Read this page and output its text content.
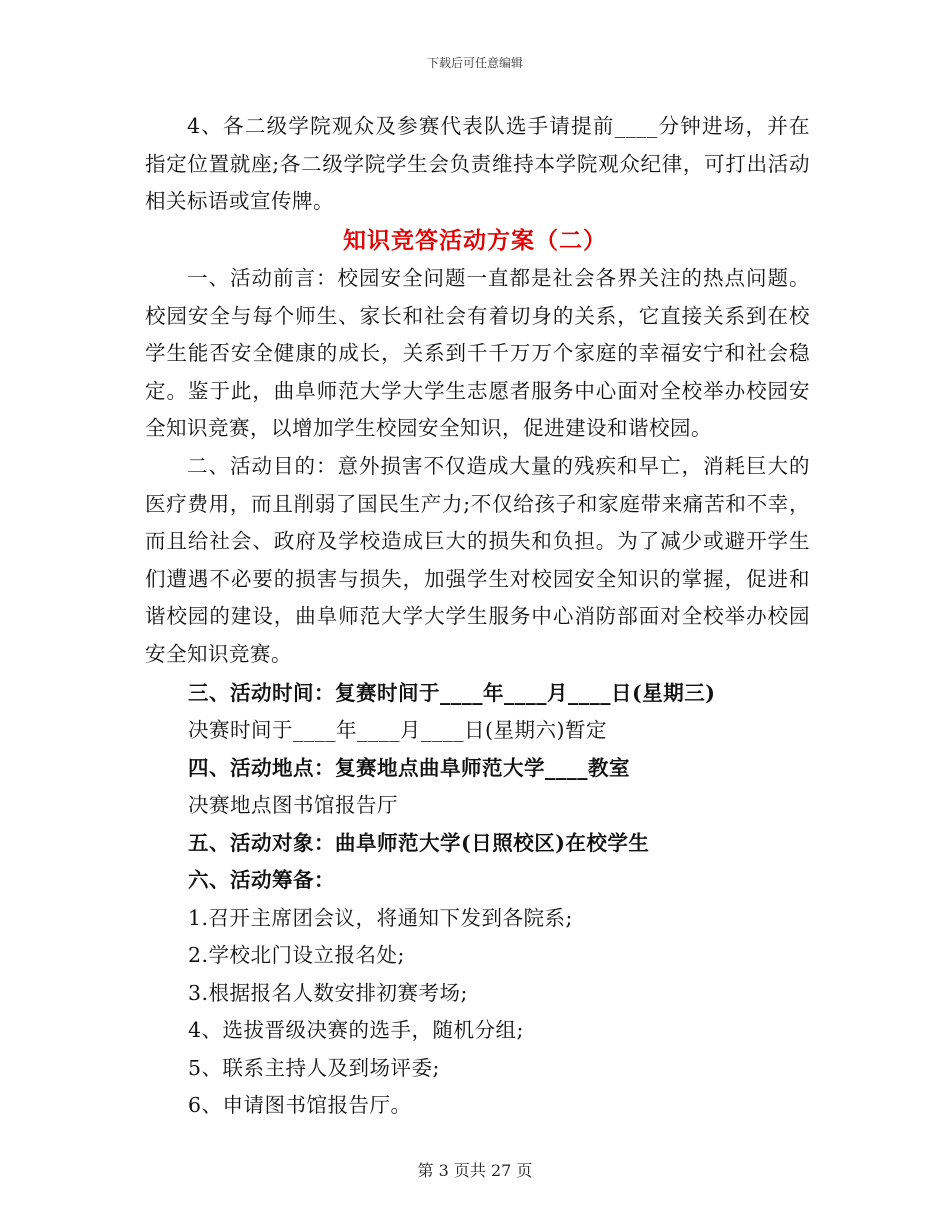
下载后可任意编辑
4、各二级学院观众及参赛代表队选手请提前____分钟进场，并在指定位置就座;各二级学院学生会负责维持本学院观众纪律，可打出活动相关标语或宣传牌。
知识竞答活动方案（二）
一、活动前言：校园安全问题一直都是社会各界关注的热点问题。校园安全与每个师生、家长和社会有着切身的关系，它直接关系到在校学生能否安全健康的成长，关系到千千万万个家庭的幸福安宁和社会稳定。鉴于此，曲阜师范大学大学生志愿者服务中心面对全校举办校园安全知识竞赛，以增加学生校园安全知识，促进建设和谐校园。
二、活动目的：意外损害不仅造成大量的残疾和早亡，消耗巨大的医疗费用，而且削弱了国民生产力;不仅给孩子和家庭带来痛苦和不幸，而且给社会、政府及学校造成巨大的损失和负担。为了减少或避开学生们遭遇不必要的损害与损失，加强学生对校园安全知识的掌握，促进和谐校园的建设，曲阜师范大学大学生服务中心消防部面对全校举办校园安全知识竞赛。
三、活动时间：复赛时间于____年____月____日(星期三)
决赛时间于____年____月____日(星期六)暂定
四、活动地点：复赛地点曲阜师范大学____教室
决赛地点图书馆报告厅
五、活动对象：曲阜师范大学(日照校区)在校学生
六、活动筹备：
1.召开主席团会议，将通知下发到各院系;
2.学校北门设立报名处;
3.根据报名人数安排初赛考场;
4、选拔晋级决赛的选手，随机分组;
5、联系主持人及到场评委;
6、申请图书馆报告厅。
第 3 页共 27 页
